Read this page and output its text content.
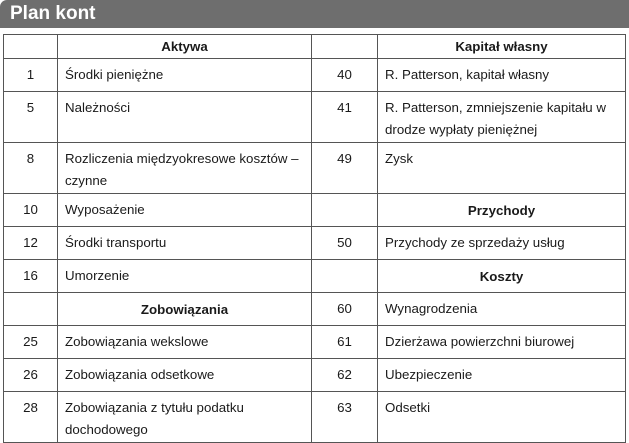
Plan kont
	Aktywa		Kapitał własny
1	Środki pieniężne	40	R. Patterson, kapitał własny
5	Należności	41	R. Patterson, zmniejszenie kapitału w drodze wypłaty pieniężnej
8	Rozliczenia międzyokresowe kosztów – czynne	49	Zysk
10	Wyposażenie		Przychody
12	Środki transportu	50	Przychody ze sprzedaży usług
16	Umorzenie		Koszty
	Zobowiązania	60	Wynagrodzenia
25	Zobowiązania wekslowe	61	Dzierżawa powierzchni biurowej
26	Zobowiązania odsetkowe	62	Ubezpieczenie
28	Zobowiązania z tytułu podatku dochodowego	63	Odsetki
